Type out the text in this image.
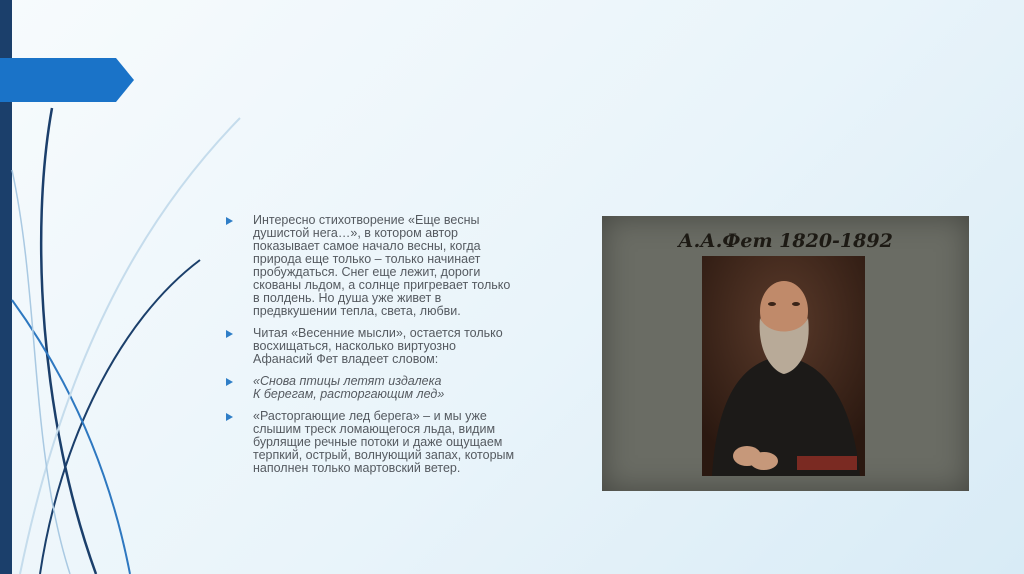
Интересно стихотворение «Еще весны
душистой нега…», в котором автор
показывает самое начало весны, когда
природа еще только – только начинает
пробуждаться. Снег еще лежит, дороги
скованы льдом, а солнце пригревает только
в полдень. Но душа уже живет в
предвкушении тепла, света, любви.
Читая «Весенние мысли», остается только
восхищаться, насколько виртуозно
Афанасий Фет владеет словом:
«Снова птицы летят издалека
К берегам, расторгающим лед»
«Расторгающие лед берега» – и мы уже
слышим треск ломающегося льда, видим
бурлящие речные потоки и даже ощущаем
терпкий, острый, волнующий запах, которым
наполнен только мартовский ветер.
А.А.Фет 1820-1892
